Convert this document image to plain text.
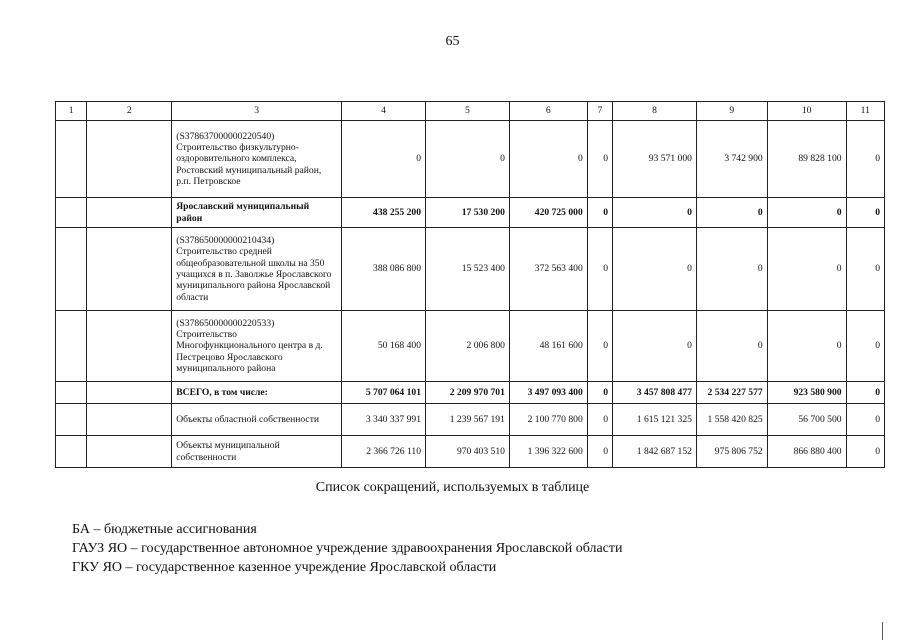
65
1	2	3	4	5	6	7	8	9	10	11
		(S378637000000220540) Строительство физкультурно-оздоровительного комплекса, Ростовский муниципальный район, р.п. Петровское	0	0	0	0	93 571 000	3 742 900	89 828 100	0
		Ярославский муниципальный район	438 255 200	17 530 200	420 725 000	0	0	0	0	0
		(S378650000000210434) Строительство средней общеобразовательной школы на 350 учащихся в п. Заволжье Ярославского муниципального района Ярославской области	388 086 800	15 523 400	372 563 400	0	0	0	0	0
		(S378650000000220533) Строительство Многофункционального центра в д. Пестрецово Ярославского муниципального района	50 168 400	2 006 800	48 161 600	0	0	0	0	0
		ВСЕГО, в том числе:	5 707 064 101	2 209 970 701	3 497 093 400	0	3 457 808 477	2 534 227 577	923 580 900	0
		Объекты областной собственности	3 340 337 991	1 239 567 191	2 100 770 800	0	1 615 121 325	1 558 420 825	56 700 500	0
		Объекты муниципальной собственности	2 366 726 110	970 403 510	1 396 322 600	0	1 842 687 152	975 806 752	866 880 400	0
Список сокращений, используемых в таблице
БА – бюджетные ассигнования
ГАУЗ ЯО – государственное автономное учреждение здравоохранения Ярославской области
ГКУ ЯО – государственное казенное учреждение Ярославской области
